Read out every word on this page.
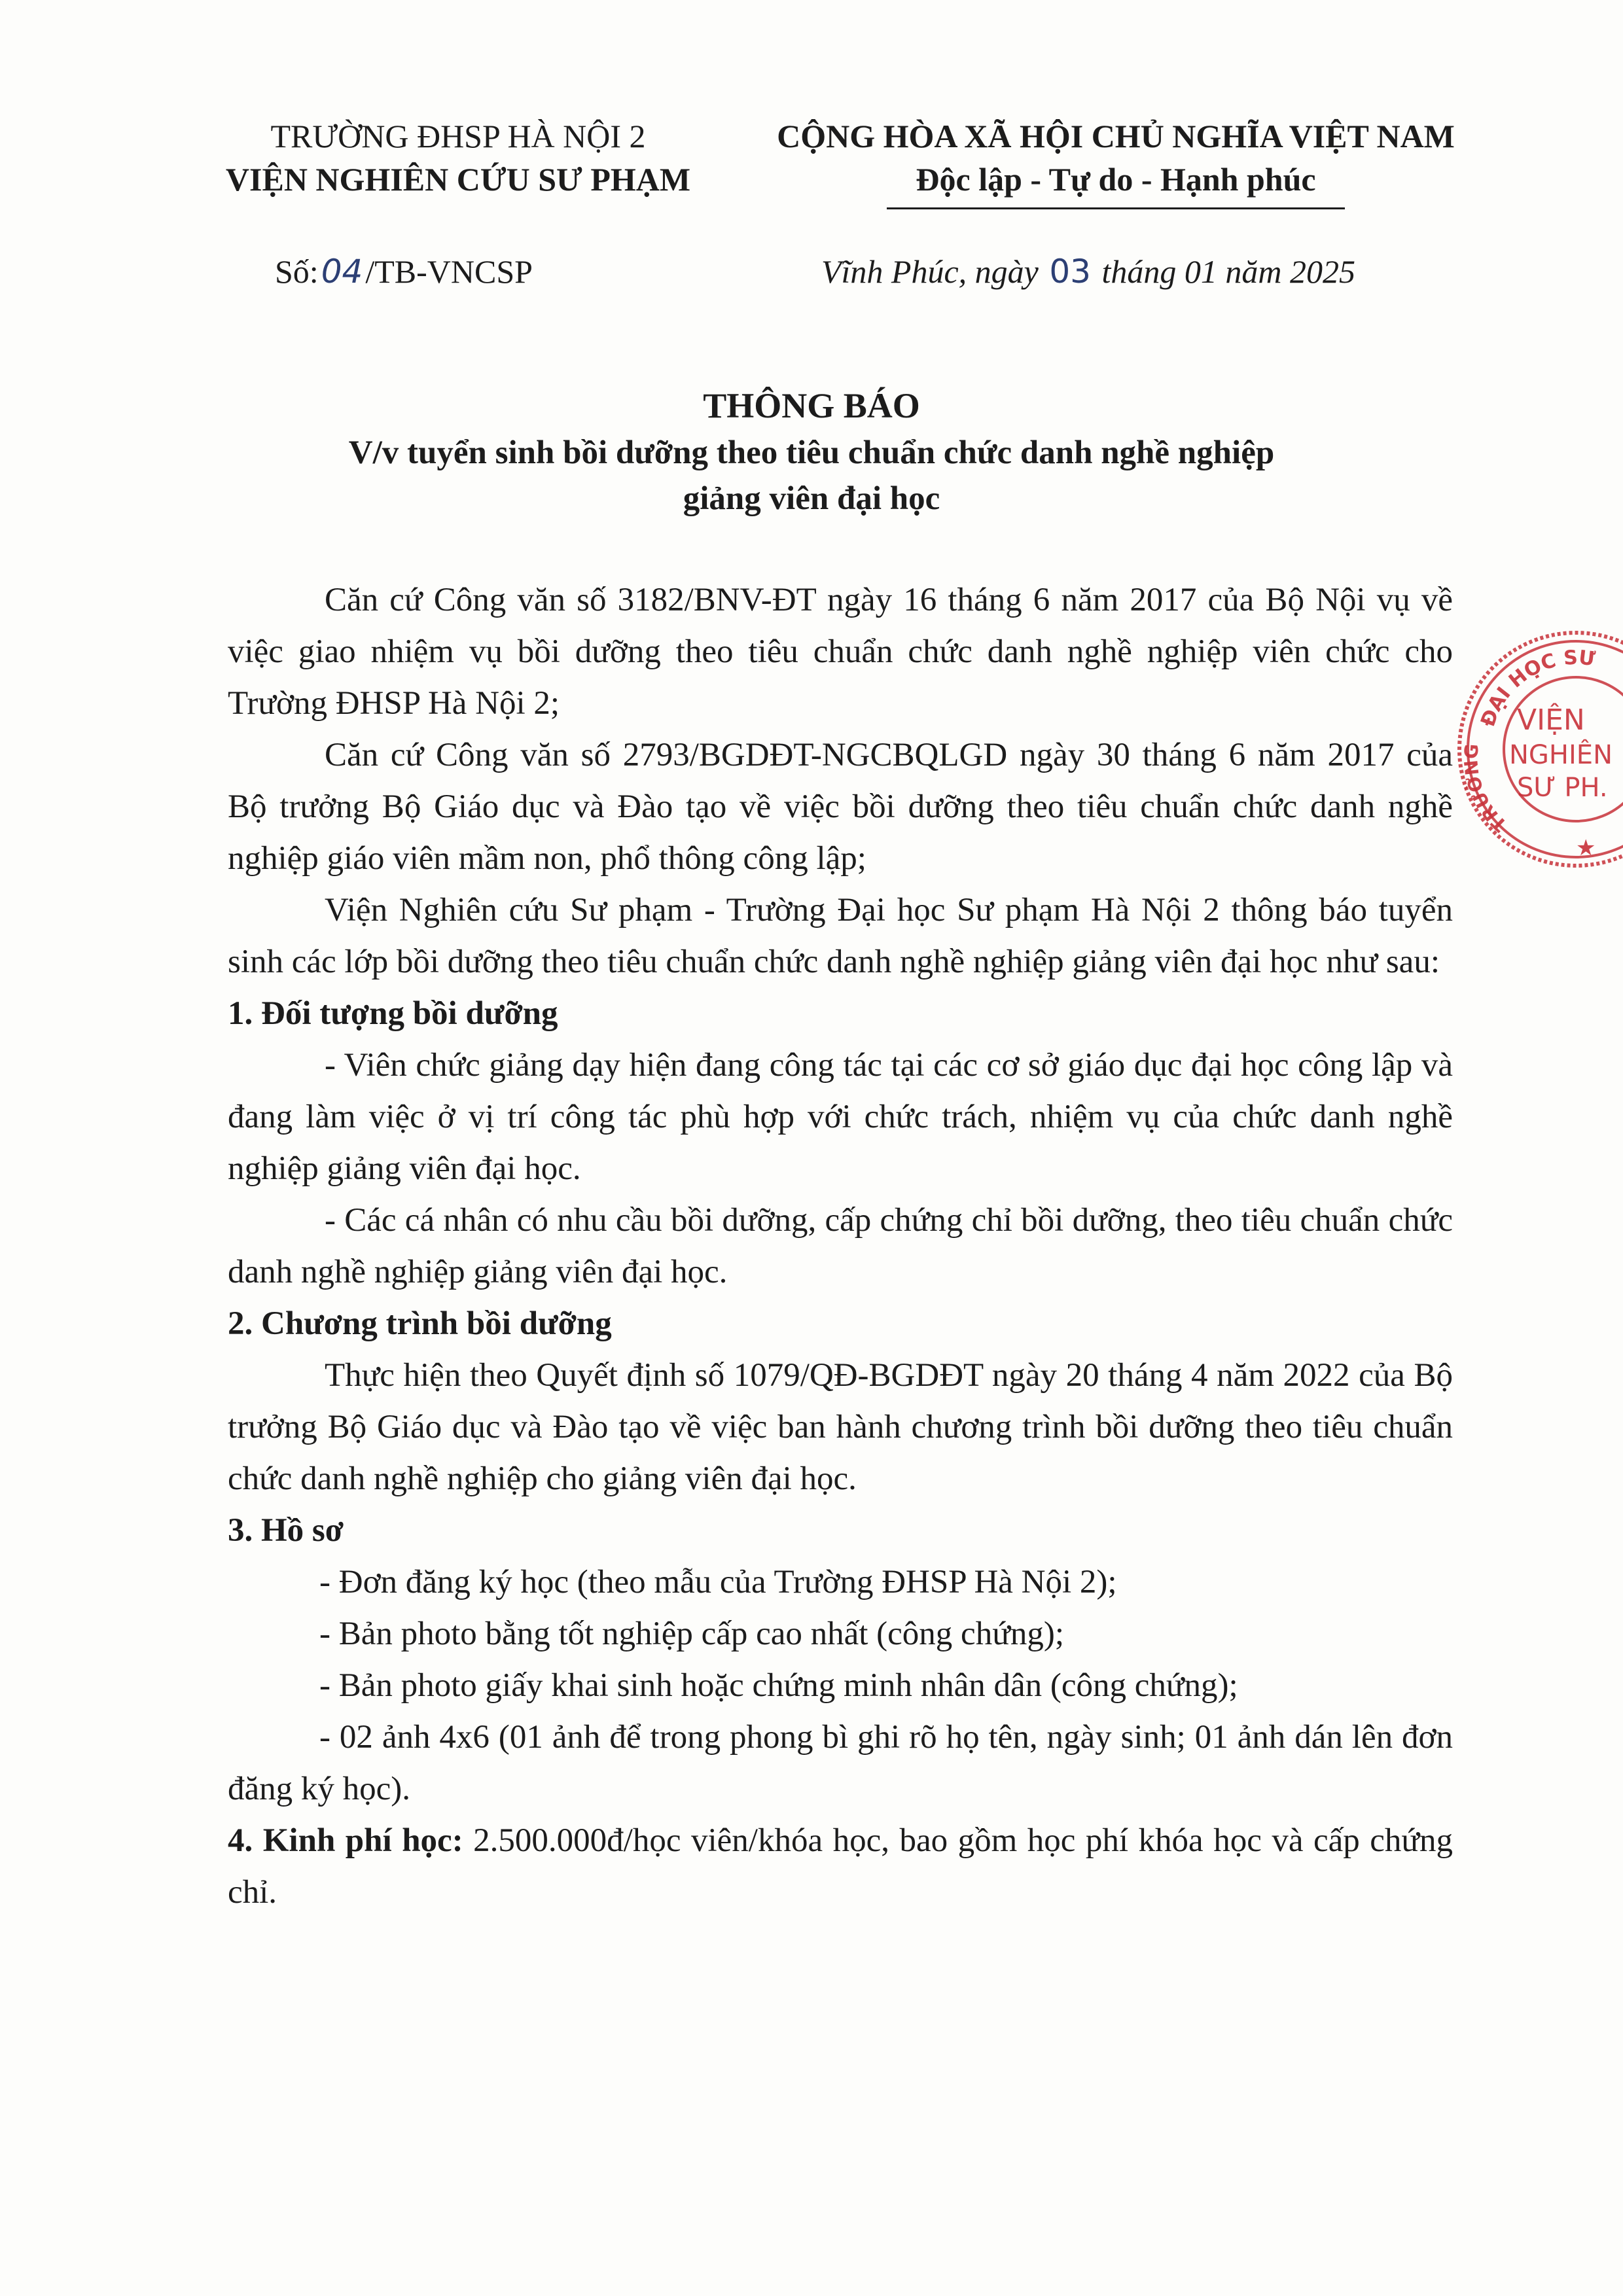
TRƯỜNG ĐHSP HÀ NỘI 2
VIỆN NGHIÊN CỨU SƯ PHẠM
CỘNG HÒA XÃ HỘI CHỦ NGHĨA VIỆT NAM
Độc lập - Tự do - Hạnh phúc
Số:04/TB-VNCSP	Vĩnh Phúc, ngày 03 tháng 01 năm 2025
THÔNG BÁO
V/v tuyển sinh bồi dưỡng theo tiêu chuẩn chức danh nghề nghiệp
giảng viên đại học

Căn cứ Công văn số 3182/BNV-ĐT ngày 16 tháng 6 năm 2017 của Bộ Nội vụ về việc giao nhiệm vụ bồi dưỡng theo tiêu chuẩn chức danh nghề nghiệp viên chức cho Trường ĐHSP Hà Nội 2;

Căn cứ Công văn số 2793/BGDĐT-NGCBQLGD ngày 30 tháng 6 năm 2017 của Bộ trưởng Bộ Giáo dục và Đào tạo về việc bồi dưỡng theo tiêu chuẩn chức danh nghề nghiệp giáo viên mầm non, phổ thông công lập;

Viện Nghiên cứu Sư phạm - Trường Đại học Sư phạm Hà Nội 2 thông báo tuyển sinh các lớp bồi dưỡng theo tiêu chuẩn chức danh nghề nghiệp giảng viên đại học như sau:

1. Đối tượng bồi dưỡng

- Viên chức giảng dạy hiện đang công tác tại các cơ sở giáo dục đại học công lập và đang làm việc ở vị trí công tác phù hợp với chức trách, nhiệm vụ của chức danh nghề nghiệp giảng viên đại học.

- Các cá nhân có nhu cầu bồi dưỡng, cấp chứng chỉ bồi dưỡng, theo tiêu chuẩn chức danh nghề nghiệp giảng viên đại học.

2. Chương trình bồi dưỡng

Thực hiện theo Quyết định số 1079/QĐ-BGDĐT ngày 20 tháng 4 năm 2022 của Bộ trưởng Bộ Giáo dục và Đào tạo về việc ban hành chương trình bồi dưỡng theo tiêu chuẩn chức danh nghề nghiệp cho giảng viên đại học.

3. Hồ sơ

- Đơn đăng ký học (theo mẫu của Trường ĐHSP Hà Nội 2);

- Bản photo bằng tốt nghiệp cấp cao nhất (công chứng);

- Bản photo giấy khai sinh hoặc chứng minh nhân dân (công chứng);

- 02 ảnh 4x6 (01 ảnh để trong phong bì ghi rõ họ tên, ngày sinh; 01 ảnh dán lên đơn đăng ký học).

4. Kinh phí học: 2.500.000đ/học viên/khóa học, bao gồm học phí khóa học và cấp chứng chỉ.

ĐẠI HỌC SƯ
TRƯỜNG
VIỆN
NGHIÊN
SƯ PH.
★
